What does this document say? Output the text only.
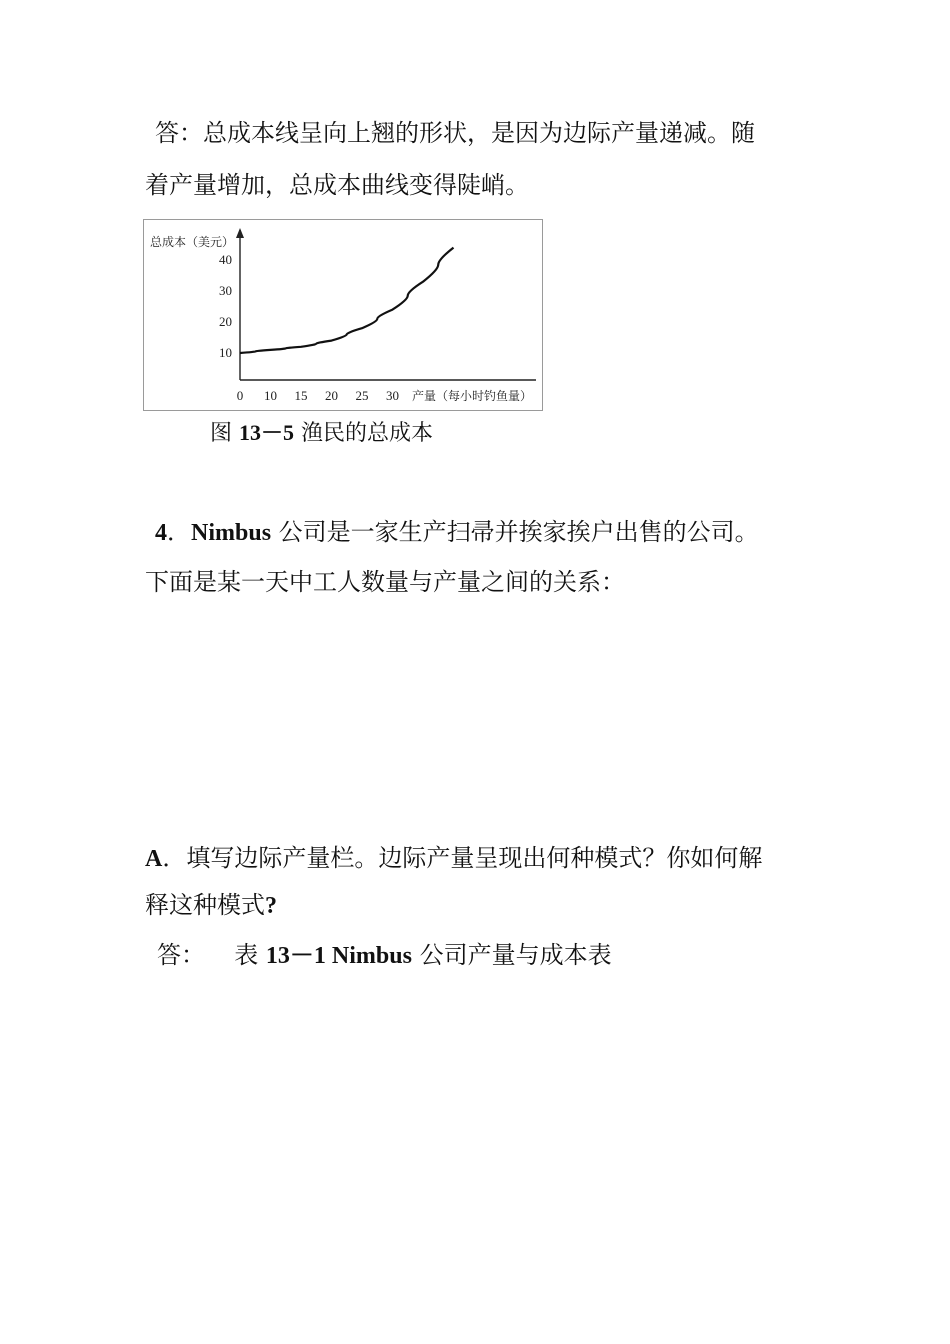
答：总成本线呈向上翘的形状，是因为边际产量递减。随
着产量增加，总成本曲线变得陡峭。
总成本（美元）
10
20
30
40
0 10 15 20 25 30 产量（每小时钓鱼量）
图 13－5 渔民的总成本
4．Nimbus 公司是一家生产扫帚并挨家挨户出售的公司。
下面是某一天中工人数量与产量之间的关系：
A．填写边际产量栏。边际产量呈现出何种模式？你如何解
释这种模式?
答： 表 13－1 Nimbus 公司产量与成本表
